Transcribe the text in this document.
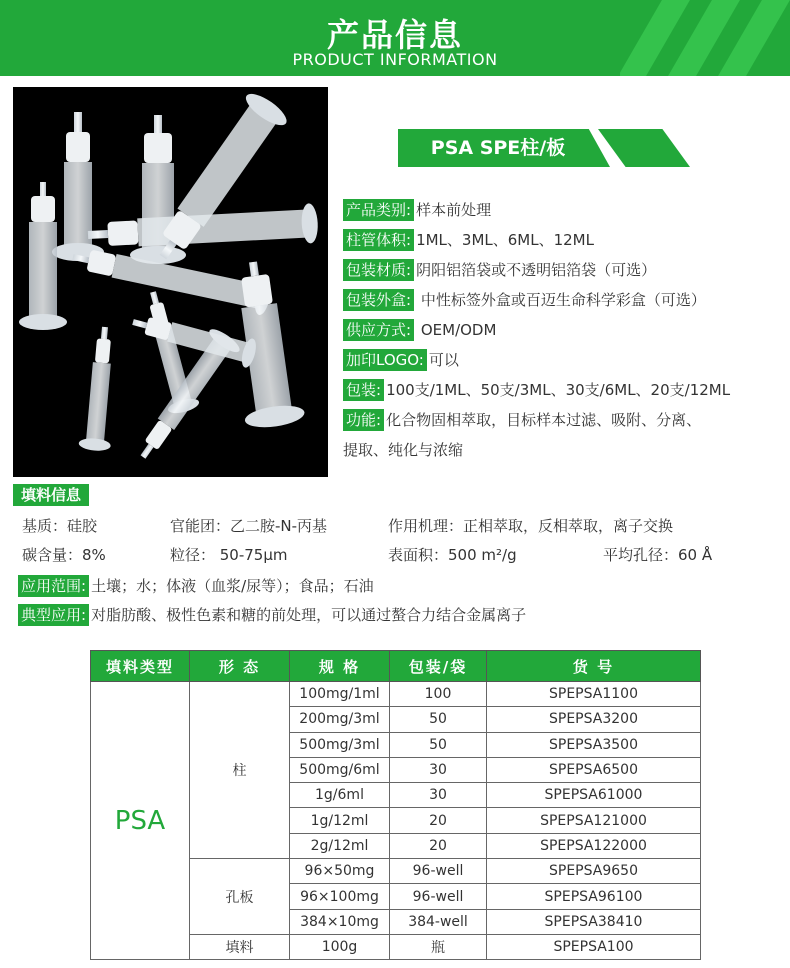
产品信息
PRODUCT INFORMATION
PSA SPE柱/板
产品类别: 样本前处理
柱管体积: 1ML、3ML、6ML、12ML
包装材质: 阴阳铝箔袋或不透明铝箔袋（可选）
包装外盒: 中性标签外盒或百迈生命科学彩盒（可选）
供应方式: OEM/ODM
加印LOGO: 可以
包装: 100支/1ML、50支/3ML、30支/6ML、20支/12ML
功能: 化合物固相萃取，目标样本过滤、吸附、分离、
提取、纯化与浓缩
填料信息
基质：硅胶	官能团：乙二胺-N-丙基	作用机理：正相萃取，反相萃取，离子交换
碳含量：8%	粒径： 50-75μm	表面积：500 m²/g	平均孔径：60 Å
应用范围: 土壤；水；体液（血浆/尿等）；食品；石油
典型应用: 对脂肪酸、极性色素和糖的前处理，可以通过螯合力结合金属离子
填料类型	形 态	规 格	包装/袋	货 号
PSA	柱	100mg/1ml	100	SPEPSA1100
		200mg/3ml	50	SPEPSA3200
		500mg/3ml	50	SPEPSA3500
		500mg/6ml	30	SPEPSA6500
		1g/6ml	30	SPEPSA61000
		1g/12ml	20	SPEPSA121000
		2g/12ml	20	SPEPSA122000
	孔板	96×50mg	96-well	SPEPSA9650
		96×100mg	96-well	SPEPSA96100
		384×10mg	384-well	SPEPSA38410
	填料	100g	瓶	SPEPSA100
